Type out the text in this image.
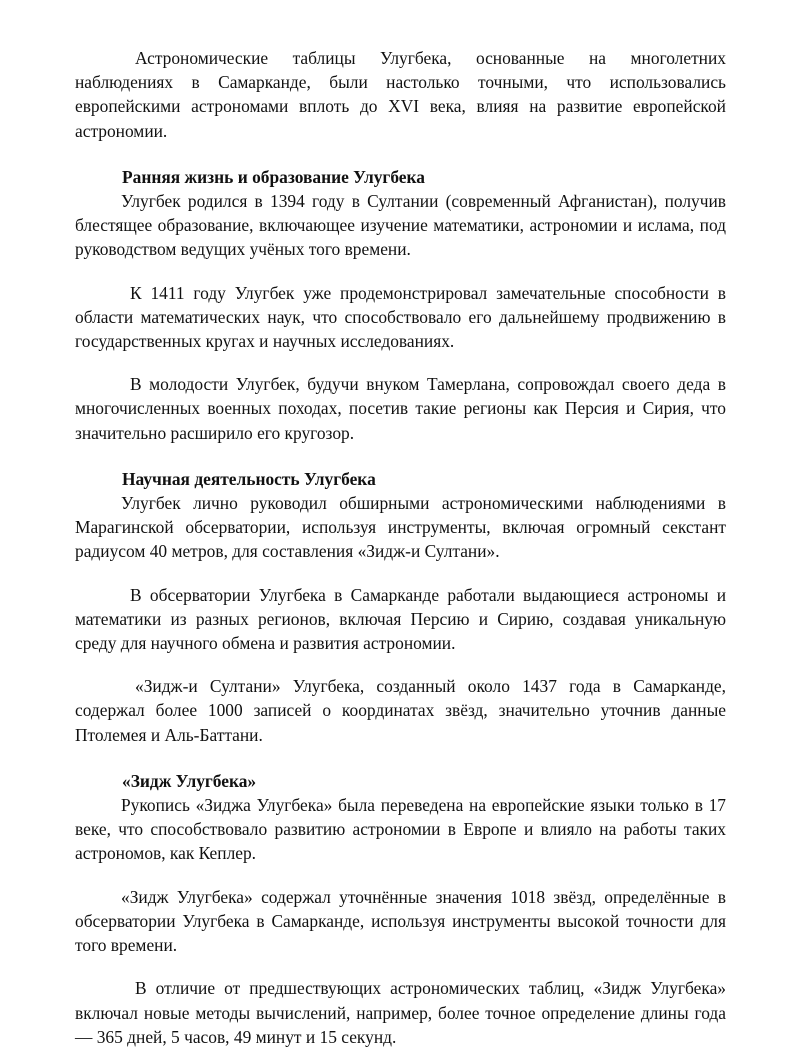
Астрономические таблицы Улугбека, основанные на многолетних наблюдениях в Самарканде, были настолько точными, что использовались европейскими астрономами вплоть до XVI века, влияя на развитие европейской астрономии.

Ранняя жизнь и образование Улугбека

Улугбек родился в 1394 году в Султании (современный Афганистан), получив блестящее образование, включающее изучение математики, астрономии и ислама, под руководством ведущих учёных того времени.

К 1411 году Улугбек уже продемонстрировал замечательные способности в области математических наук, что способствовало его дальнейшему продвижению в государственных кругах и научных исследованиях.

В молодости Улугбек, будучи внуком Тамерлана, сопровождал своего деда в многочисленных военных походах, посетив такие регионы как Персия и Сирия, что значительно расширило его кругозор.

Научная деятельность Улугбека

Улугбек лично руководил обширными астрономическими наблюдениями в Марагинской обсерватории, используя инструменты, включая огромный секстант радиусом 40 метров, для составления «Зидж-и Султани».

В обсерватории Улугбека в Самарканде работали выдающиеся астрономы и математики из разных регионов, включая Персию и Сирию, создавая уникальную среду для научного обмена и развития астрономии.

«Зидж-и Султани» Улугбека, созданный около 1437 года в Самарканде, содержал более 1000 записей о координатах звёзд, значительно уточнив данные Птолемея и Аль-Баттани.

«Зидж Улугбека»

Рукопись «Зиджа Улугбека» была переведена на европейские языки только в 17 веке, что способствовало развитию астрономии в Европе и влияло на работы таких астрономов, как Кеплер.

«Зидж Улугбека» содержал уточнённые значения 1018 звёзд, определённые в обсерватории Улугбека в Самарканде, используя инструменты высокой точности для того времени.

В отличие от предшествующих астрономических таблиц, «Зидж Улугбека» включал новые методы вычислений, например, более точное определение длины года — 365 дней, 5 часов, 49 минут и 15 секунд.
